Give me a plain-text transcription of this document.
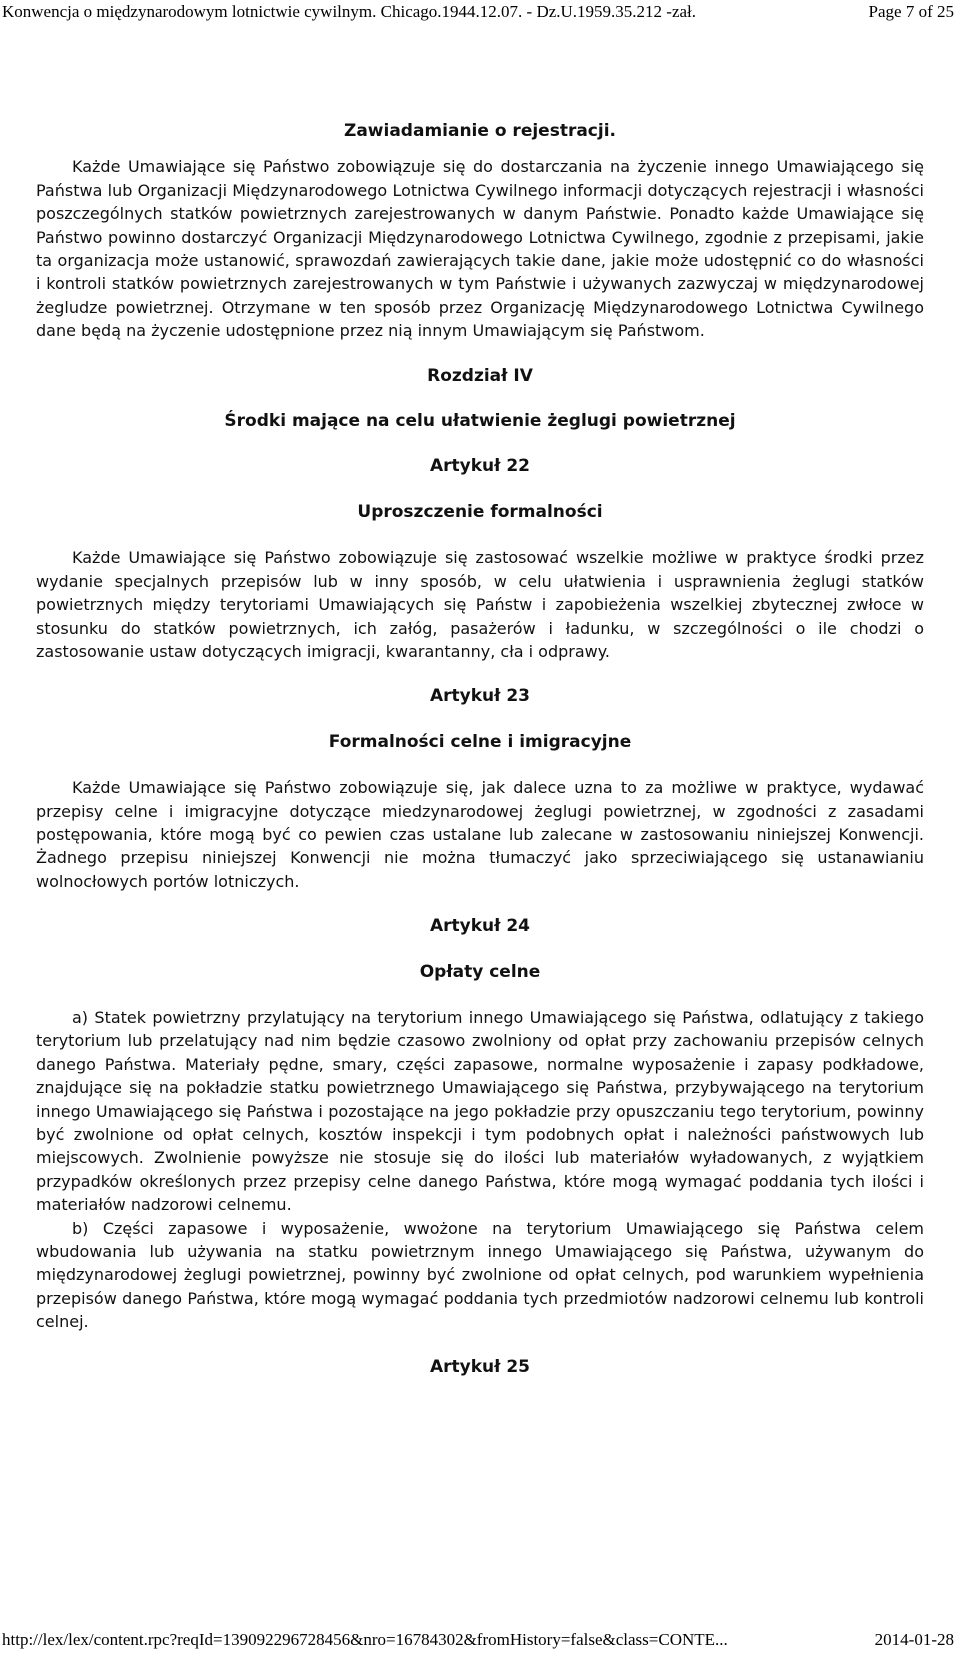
Konwencja o międzynarodowym lotnictwie cywilnym. Chicago.1944.12.07. - Dz.U.1959.35.212 -zał.	Page 7 of 25
Zawiadamianie o rejestracji.

Każde Umawiające się Państwo zobowiązuje się do dostarczania na życzenie innego Umawiającego się Państwa lub Organizacji Międzynarodowego Lotnictwa Cywilnego informacji dotyczących rejestracji i własności poszczególnych statków powietrznych zarejestrowanych w danym Państwie. Ponadto każde Umawiające się Państwo powinno dostarczyć Organizacji Międzynarodowego Lotnictwa Cywilnego, zgodnie z przepisami, jakie ta organizacja może ustanowić, sprawozdań zawierających takie dane, jakie może udostępnić co do własności i kontroli statków powietrznych zarejestrowanych w tym Państwie i używanych zazwyczaj w międzynarodowej żegludze powietrznej. Otrzymane w ten sposób przez Organizację Międzynarodowego Lotnictwa Cywilnego dane będą na życzenie udostępnione przez nią innym Umawiającym się Państwom.

Rozdział IV
Środki mające na celu ułatwienie żeglugi powietrznej
Artykuł 22
Uproszczenie formalności

Każde Umawiające się Państwo zobowiązuje się zastosować wszelkie możliwe w praktyce środki przez wydanie specjalnych przepisów lub w inny sposób, w celu ułatwienia i usprawnienia żeglugi statków powietrznych między terytoriami Umawiających się Państw i zapobieżenia wszelkiej zbytecznej zwłoce w stosunku do statków powietrznych, ich załóg, pasażerów i ładunku, w szczególności o ile chodzi o zastosowanie ustaw dotyczących imigracji, kwarantanny, cła i odprawy.

Artykuł 23
Formalności celne i imigracyjne

Każde Umawiające się Państwo zobowiązuje się, jak dalece uzna to za możliwe w praktyce, wydawać przepisy celne i imigracyjne dotyczące miedzynarodowej żeglugi powietrznej, w zgodności z zasadami postępowania, które mogą być co pewien czas ustalane lub zalecane w zastosowaniu niniejszej Konwencji. Żadnego przepisu niniejszej Konwencji nie można tłumaczyć jako sprzeciwiającego się ustanawianiu wolnocłowych portów lotniczych.

Artykuł 24
Opłaty celne

a) Statek powietrzny przylatujący na terytorium innego Umawiającego się Państwa, odlatujący z takiego terytorium lub przelatujący nad nim będzie czasowo zwolniony od opłat przy zachowaniu przepisów celnych danego Państwa. Materiały pędne, smary, części zapasowe, normalne wyposażenie i zapasy podkładowe, znajdujące się na pokładzie statku powietrznego Umawiającego się Państwa, przybywającego na terytorium innego Umawiającego się Państwa i pozostające na jego pokładzie przy opuszczaniu tego terytorium, powinny być zwolnione od opłat celnych, kosztów inspekcji i tym podobnych opłat i należności państwowych lub miejscowych. Zwolnienie powyższe nie stosuje się do ilości lub materiałów wyładowanych, z wyjątkiem przypadków określonych przez przepisy celne danego Państwa, które mogą wymagać poddania tych ilości i materiałów nadzorowi celnemu.

b) Części zapasowe i wyposażenie, wwożone na terytorium Umawiającego się Państwa celem wbudowania lub używania na statku powietrznym innego Umawiającego się Państwa, używanym do międzynarodowej żeglugi powietrznej, powinny być zwolnione od opłat celnych, pod warunkiem wypełnienia przepisów danego Państwa, które mogą wymagać poddania tych przedmiotów nadzorowi celnemu lub kontroli celnej.

Artykuł 25
http://lex/lex/content.rpc?reqId=139092296728456&nro=16784302&fromHistory=false&class=CONTE...	2014-01-28
